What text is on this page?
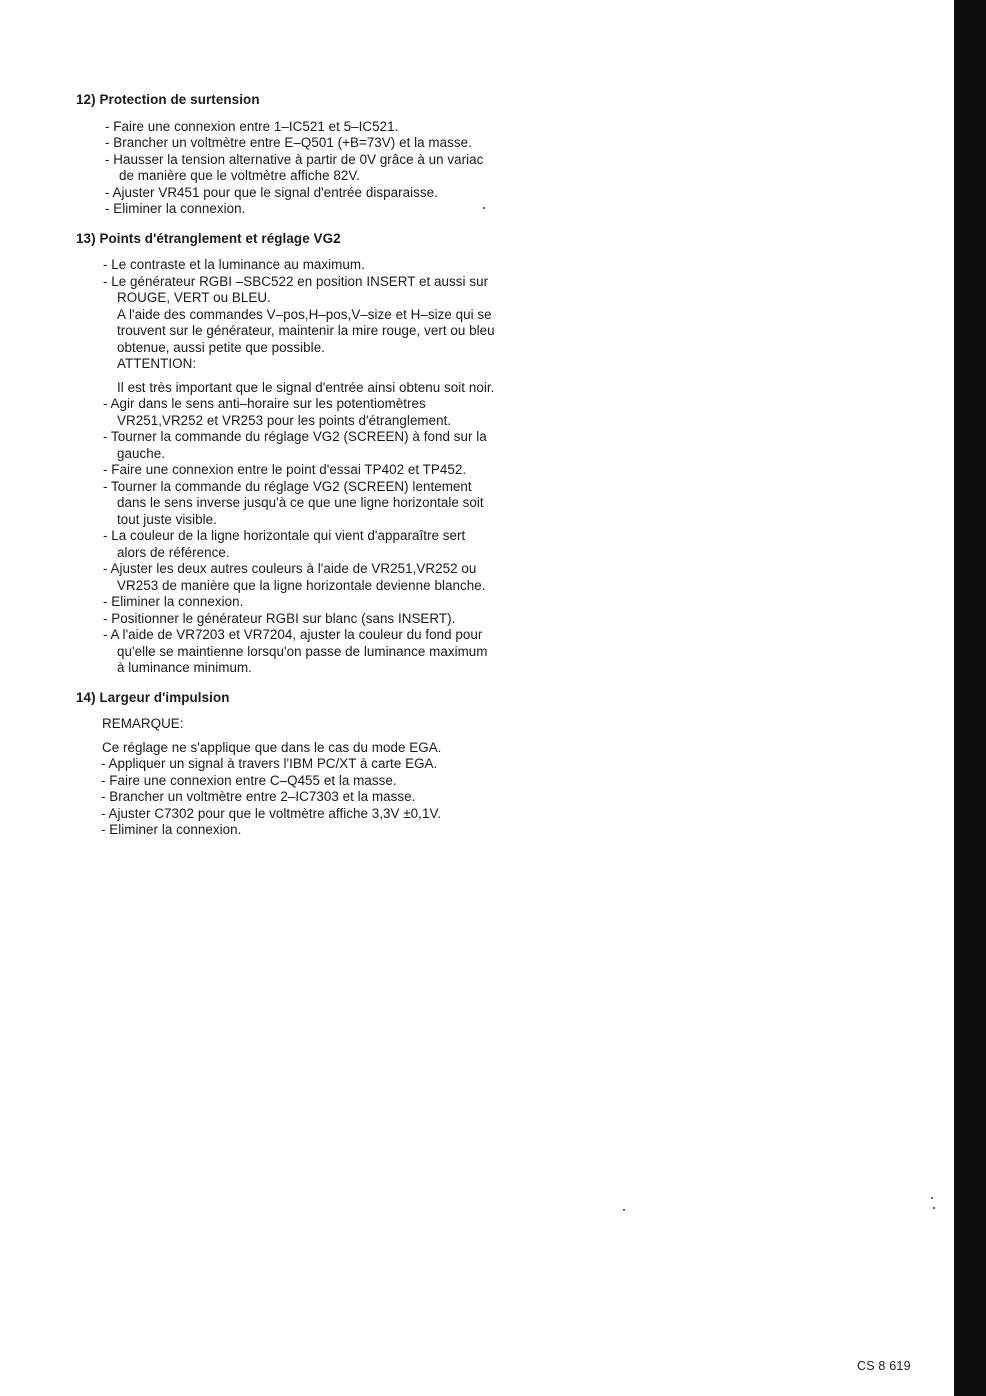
12) Protection de surtension
- Faire une connexion entre 1–IC521 et 5–IC521.
- Brancher un voltmètre entre E–Q501 (+B=73V) et la masse.
- Hausser la tension alternative à partir de 0V grâce à un variac de manière que le voltmètre affiche 82V.
- Ajuster VR451 pour que le signal d'entrée disparaisse.
- Eliminer la connexion.
13) Points d'étranglement et réglage VG2
- Le contraste et la luminance au maximum.
- Le générateur RGBI –SBC522 en position INSERT et aussi sur ROUGE, VERT ou BLEU.
A l'aide des commandes V–pos,H–pos,V–size et H–size qui se trouvent sur le générateur, maintenir la mire rouge, vert ou bleu obtenue, aussi petite que possible.
ATTENTION:
Il est très important que le signal d'entrée ainsi obtenu soit noir.
- Agir dans le sens anti–horaire sur les potentiomètres VR251,VR252 et VR253 pour les points d'étranglement.
- Tourner la commande du réglage VG2 (SCREEN) à fond sur la gauche.
- Faire une connexion entre le point d'essai TP402 et TP452.
- Tourner la commande du réglage VG2 (SCREEN) lentement dans le sens inverse jusqu'à ce que une ligne horizontale soit tout juste visible.
- La couleur de la ligne horizontale qui vient d'apparaître sert alors de référence.
- Ajuster les deux autres couleurs à l'aide de VR251,VR252 ou VR253 de manière que la ligne horizontale devienne blanche.
- Eliminer la connexion.
- Positionner le générateur RGBI sur blanc (sans INSERT).
- A l'aide de VR7203 et VR7204, ajuster la couleur du fond pour qu'elle se maintienne lorsqu'on passe de luminance maximum à luminance minimum.
14) Largeur d'impulsion
REMARQUE:
Ce réglage ne s'applique que dans le cas du mode EGA.
- Appliquer un signal à travers l'IBM PC/XT à carte EGA.
- Faire une connexion entre C–Q455 et la masse.
- Brancher un voltmètre entre 2–IC7303 et la masse.
- Ajuster C7302 pour que le voltmètre affiche 3,3V ±0,1V.
- Eliminer la connexion.
CS 8 619
